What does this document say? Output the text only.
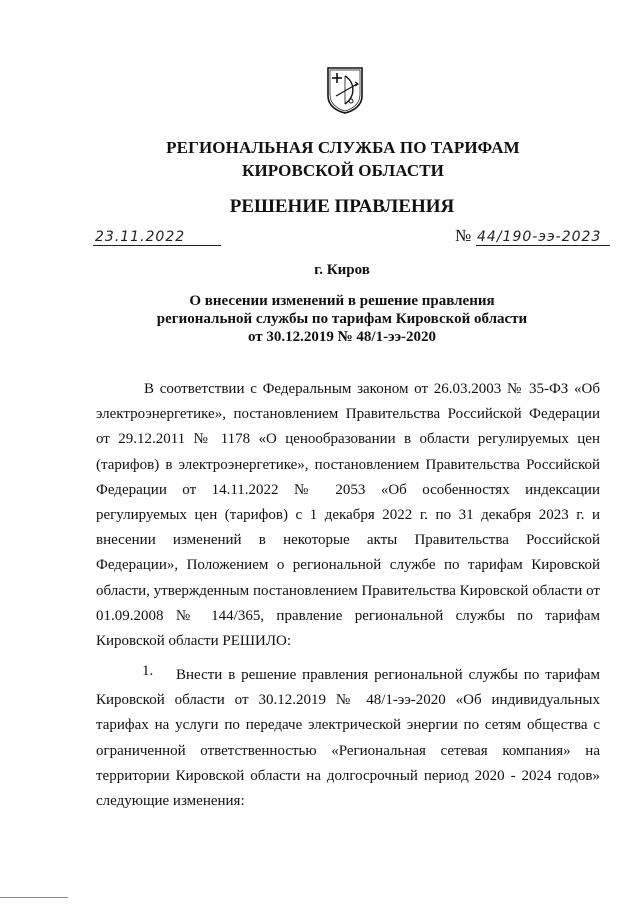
РЕГИОНАЛЬНАЯ СЛУЖБА ПО ТАРИФАМ
КИРОВСКОЙ ОБЛАСТИ
РЕШЕНИЕ ПРАВЛЕНИЯ
23.11.2022	№ 44/190-ээ-2023
г. Киров
О внесении изменений в решение правления
региональной службы по тарифам Кировской области
от 30.12.2019 № 48/1-ээ-2020
В соответствии с Федеральным законом от 26.03.2003 № 35-ФЗ «Об электроэнергетике», постановлением Правительства Российской Федерации от 29.12.2011 № 1178 «О ценообразовании в области регулируемых цен (тарифов) в электроэнергетике», постановлением Правительства Российской Федерации от 14.11.2022 № 2053 «Об особенностях индексации регулируемых цен (тарифов) с 1 декабря 2022 г. по 31 декабря 2023 г. и внесении изменений в некоторые акты Правительства Российской Федерации», Положением о региональной службе по тарифам Кировской области, утвержденным постановлением Правительства Кировской области от 01.09.2008 № 144/365, правление региональной службы по тарифам Кировской области РЕШИЛО:
1.	Внести в решение правления региональной службы по тарифам Кировской области от 30.12.2019 № 48/1-ээ-2020 «Об индивидуальных тарифах на услуги по передаче электрической энергии по сетям общества с ограниченной ответственностью «Региональная сетевая компания» на территории Кировской области на долгосрочный период 2020 - 2024 годов» следующие изменения:
